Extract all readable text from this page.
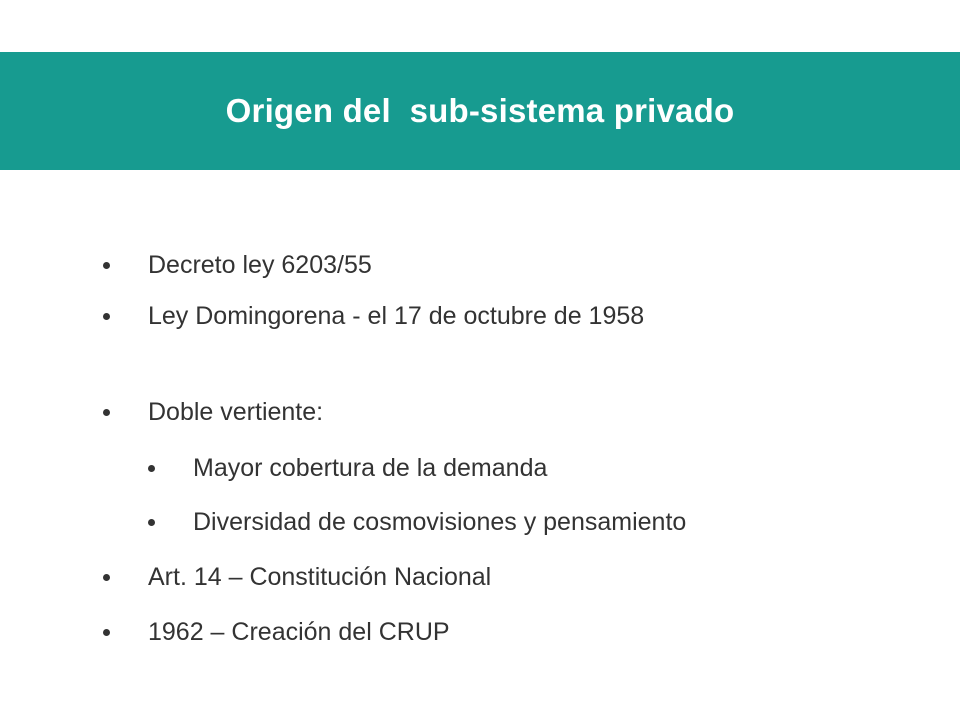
Origen del  sub-sistema privado
Decreto ley 6203/55
Ley Domingorena - el 17 de octubre de 1958
Doble vertiente:
Mayor cobertura de la demanda
Diversidad de cosmovisiones y pensamiento
Art. 14 – Constitución Nacional
1962 – Creación del CRUP
